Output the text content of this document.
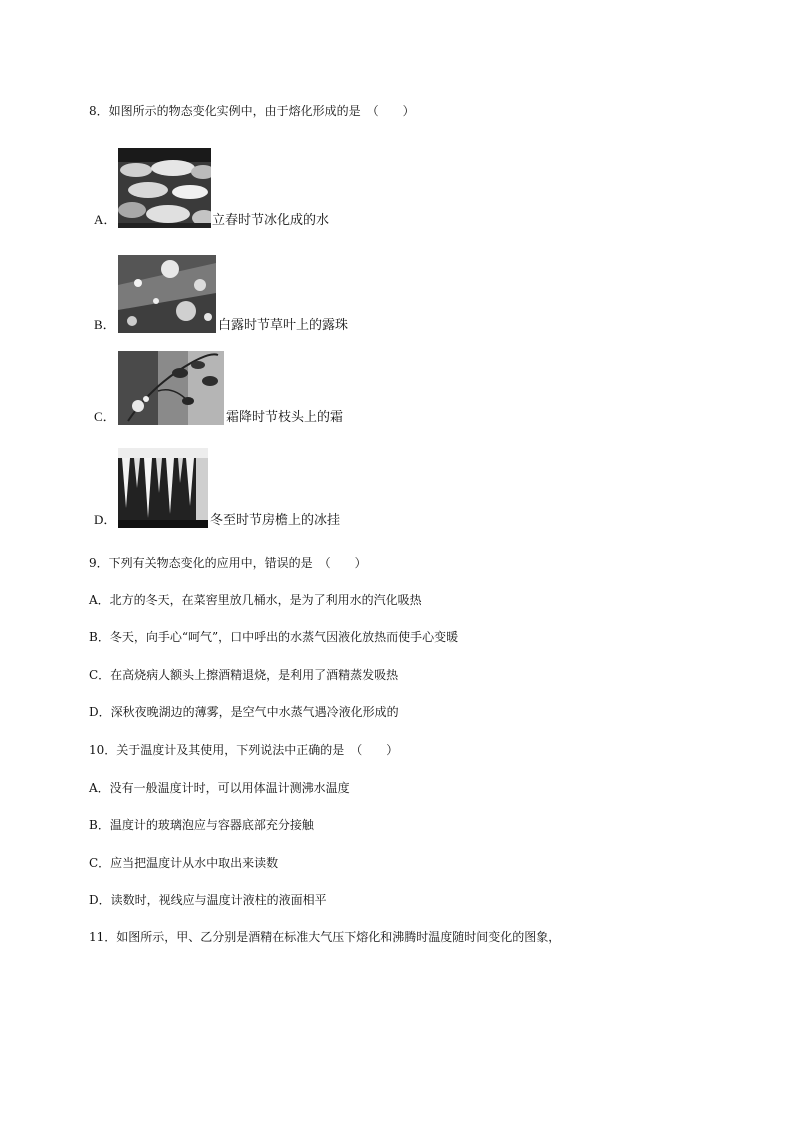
8．如图所示的物态变化实例中，由于熔化形成的是　（　　）
A．	立春时节冰化成的水
B．	白露时节草叶上的露珠
C．	霜降时节枝头上的霜
D．	冬至时节房檐上的冰挂
9．下列有关物态变化的应用中，错误的是　（　　）
A．北方的冬天，在菜窖里放几桶水，是为了利用水的汽化吸热
B．冬天，向手心“呵气”，口中呼出的水蒸气因液化放热而使手心变暖
C．在高烧病人额头上擦酒精退烧，是利用了酒精蒸发吸热
D．深秋夜晚湖边的薄雾，是空气中水蒸气遇冷液化形成的
10．关于温度计及其使用，下列说法中正确的是　（　　）
A．没有一般温度计时，可以用体温计测沸水温度
B．温度计的玻璃泡应与容器底部充分接触
C．应当把温度计从水中取出来读数
D．读数时，视线应与温度计液柱的液面相平
11．如图所示，甲、乙分别是酒精在标准大气压下熔化和沸腾时温度随时间变化的图象，
